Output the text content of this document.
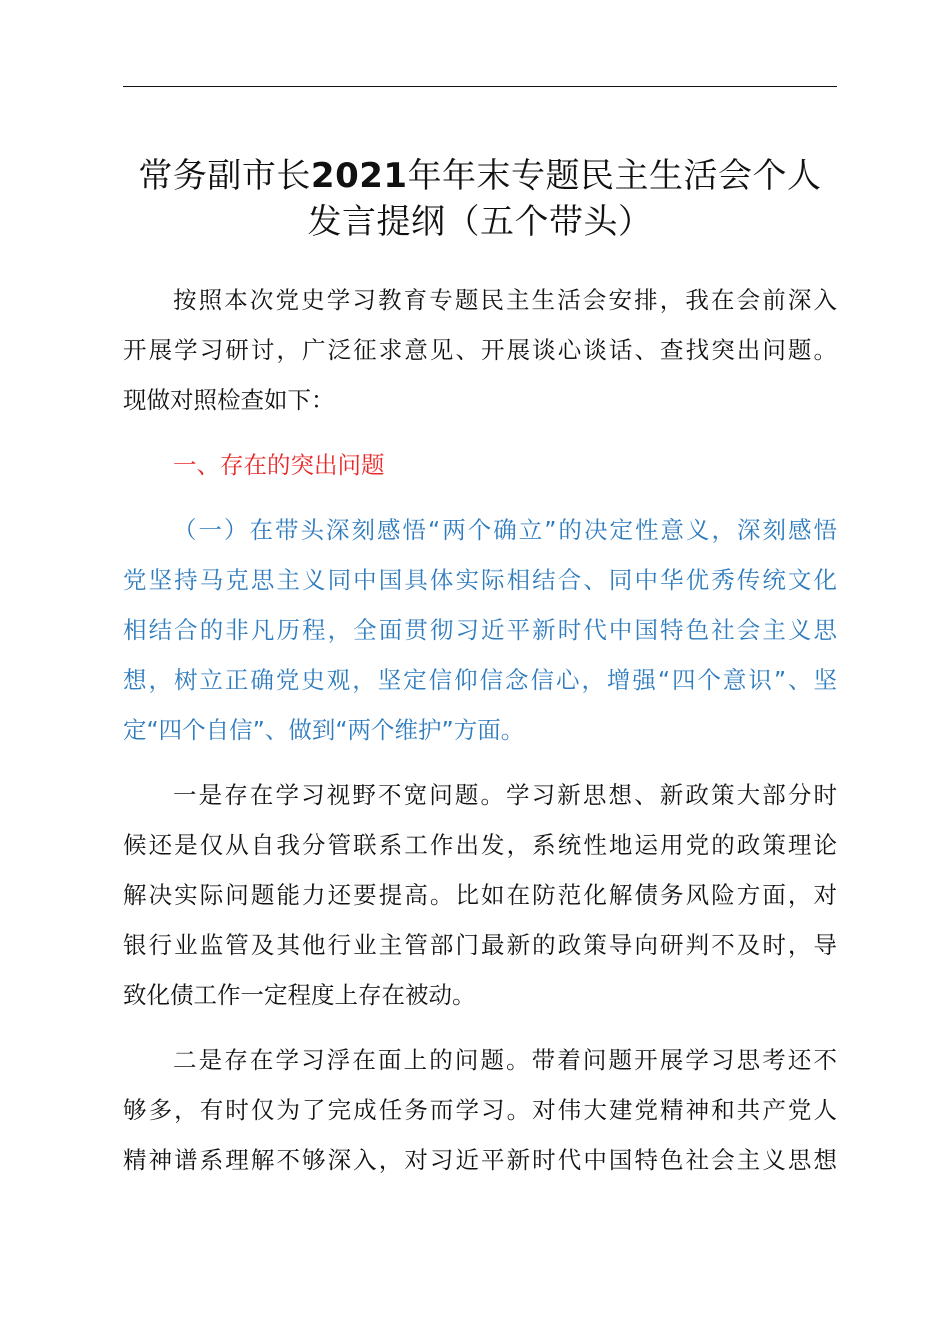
常务副市长2021年年末专题民主生活会个人
发言提纲（五个带头）

按照本次党史学习教育专题民主生活会安排，我在会前深入
开展学习研讨，广泛征求意见、开展谈心谈话、查找突出问题。
现做对照检查如下：

一、存在的突出问题

（一）在带头深刻感悟“两个确立”的决定性意义，深刻感悟
党坚持马克思主义同中国具体实际相结合、同中华优秀传统文化
相结合的非凡历程，全面贯彻习近平新时代中国特色社会主义思
想，树立正确党史观，坚定信仰信念信心，增强“四个意识”、坚
定“四个自信”、做到“两个维护”方面。

一是存在学习视野不宽问题。学习新思想、新政策大部分时
候还是仅从自我分管联系工作出发，系统性地运用党的政策理论
解决实际问题能力还要提高。比如在防范化解债务风险方面，对
银行业监管及其他行业主管部门最新的政策导向研判不及时，导
致化债工作一定程度上存在被动。

二是存在学习浮在面上的问题。带着问题开展学习思考还不
够多，有时仅为了完成任务而学习。对伟大建党精神和共产党人
精神谱系理解不够深入，对习近平新时代中国特色社会主义思想
